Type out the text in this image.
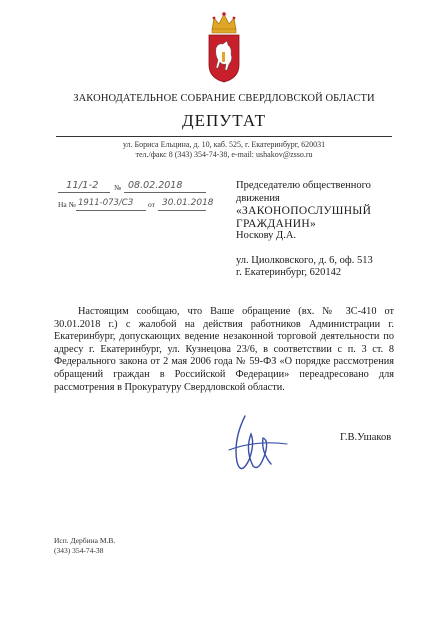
ЗАКОНОДАТЕЛЬНОЕ СОБРАНИЕ СВЕРДЛОВСКОЙ ОБЛАСТИ
ДЕПУТАТ
ул. Бориса Ельцина, д. 10, каб. 525, г. Екатеринбург, 620031
тел./факс 8 (343) 354-74-38, e-mail: ushakov@zsso.ru
11/1-2 № 08.02.2018
На № 1911-073/СЗ от 30.01.2018
Председателю общественного
движения
«ЗАКОНОПОСЛУШНЫЙ
ГРАЖДАНИН»
Носкову Д.А.
ул. Циолковского, д. 6, оф. 513
г. Екатеринбург, 620142
Настоящим сообщаю, что Ваше обращение (вх. № ЗС-410 от 30.01.2018 г.) с жалобой на действия работников Администрации г. Екатеринбург, допускающих ведение незаконной торговой деятельности по адресу г. Екатеринбург, ул. Кузнецова 23/6, в соответствии с п. 3 ст. 8 Федерального закона от 2 мая 2006 года № 59-ФЗ «О порядке рассмотрения обращений граждан в Российской Федерации» переадресовано для рассмотрения в Прокуратуру Свердловской области.
Г.В.Ушаков
Исп. Дербина М.В.
(343) 354-74-38
